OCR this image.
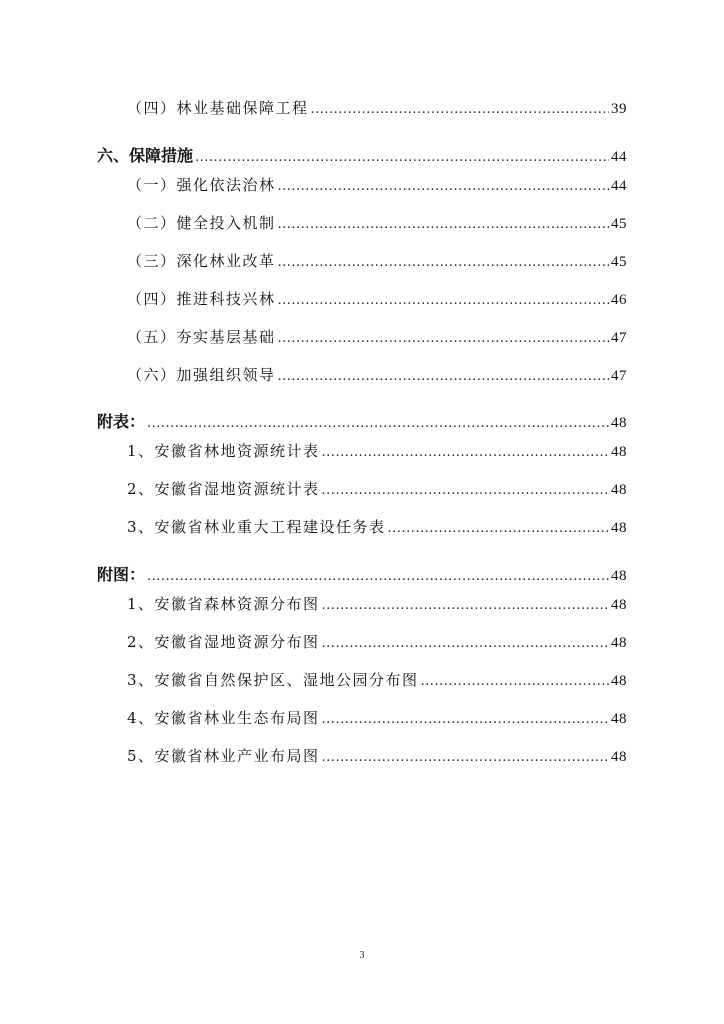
（四）林业基础保障工程 .....	39
六、保障措施 .....	44
（一）强化依法治林 .....	44
（二）健全投入机制 .....	45
（三）深化林业改革 .....	45
（四）推进科技兴林 .....	46
（五）夯实基层基础 .....	47
（六）加强组织领导 .....	47
附表： .....	48
1、安徽省林地资源统计表 .....	48
2、安徽省湿地资源统计表 .....	48
3、安徽省林业重大工程建设任务表 .....	48
附图： .....	48
1、安徽省森林资源分布图 .....	48
2、安徽省湿地资源分布图 .....	48
3、安徽省自然保护区、湿地公园分布图 .....	48
4、安徽省林业生态布局图 .....	48
5、安徽省林业产业布局图 .....	48
3
